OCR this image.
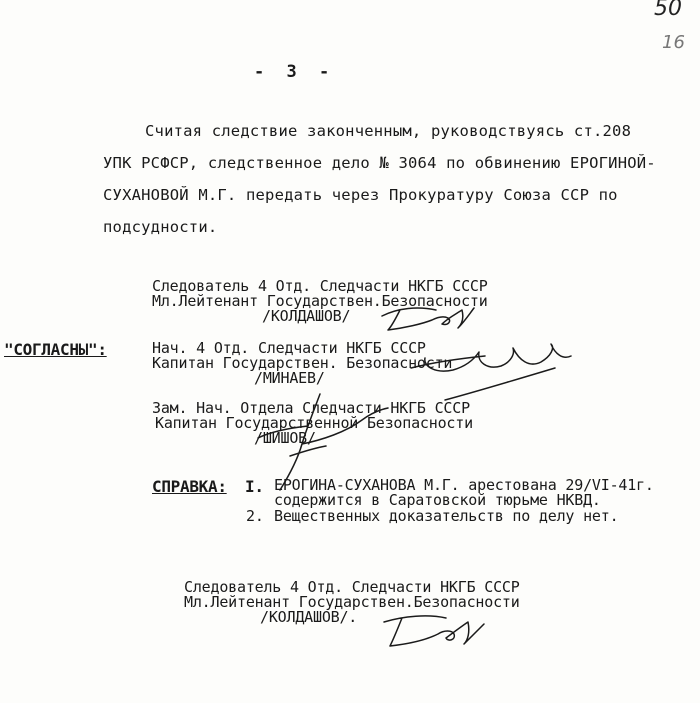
50
16
- 3 -
Считая следствие законченным, руководствуясь ст.208
УПК РСФСР, следственное дело № 3064 по обвинению ЕРОГИНОЙ-
СУХАНОВОЙ М.Г. передать через Прокуратуру Союза ССР по
подсудности.
Следователь 4 Отд. Следчасти НКГБ СССР
Мл.Лейтенант Государствен.Безопасности
/КОЛДАШОВ/
"СОГЛАСНЫ":	Нач. 4 Отд. Следчасти НКГБ СССР
Капитан Государствен. Безопасности
/МИНАЕВ/
Зам. Нач. Отдела Следчасти НКГБ СССР
Капитан Государственной Безопасности
/ШИШОВ/
СПРАВКА: I. ЕРОГИНА-СУХАНОВА М.Г. арестована 29/VI-41г.
содержится в Саратовской тюрьме НКВД.
2. Вещественных доказательств по делу нет.
Следователь 4 Отд. Следчасти НКГБ СССР
Мл.Лейтенант Государствен.Безопасности
/КОЛДАШОВ/.
